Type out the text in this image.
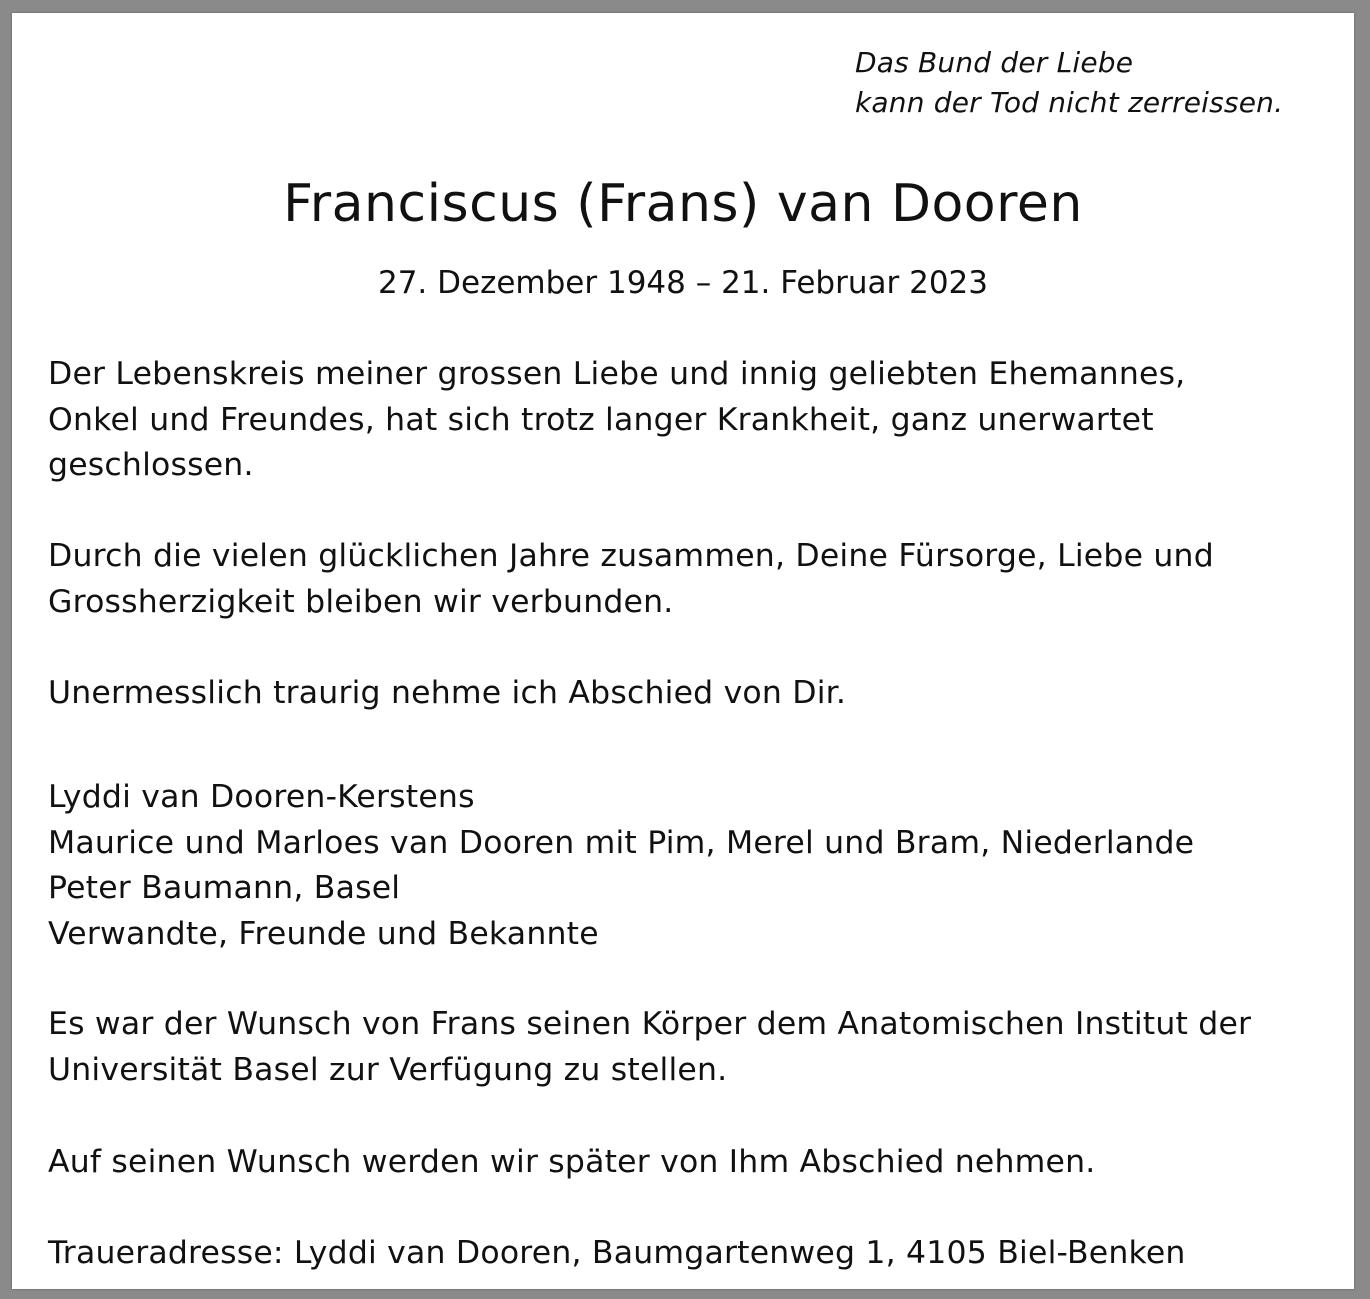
Das Bund der Liebe
kann der Tod nicht zerreissen.
Franciscus (Frans) van Dooren
27. Dezember 1948 – 21. Februar 2023
Der Lebenskreis meiner grossen Liebe und innig geliebten Ehemannes,
Onkel und Freundes, hat sich trotz langer Krankheit, ganz unerwartet
geschlossen.
Durch die vielen glücklichen Jahre zusammen, Deine Fürsorge, Liebe und
Grossherzigkeit bleiben wir verbunden.
Unermesslich traurig nehme ich Abschied von Dir.
Lyddi van Dooren-Kerstens
Maurice und Marloes van Dooren mit Pim, Merel und Bram, Niederlande
Peter Baumann, Basel
Verwandte, Freunde und Bekannte
Es war der Wunsch von Frans seinen Körper dem Anatomischen Institut der
Universität Basel zur Verfügung zu stellen.
Auf seinen Wunsch werden wir später von Ihm Abschied nehmen.
Traueradresse: Lyddi van Dooren, Baumgartenweg 1, 4105 Biel-Benken
